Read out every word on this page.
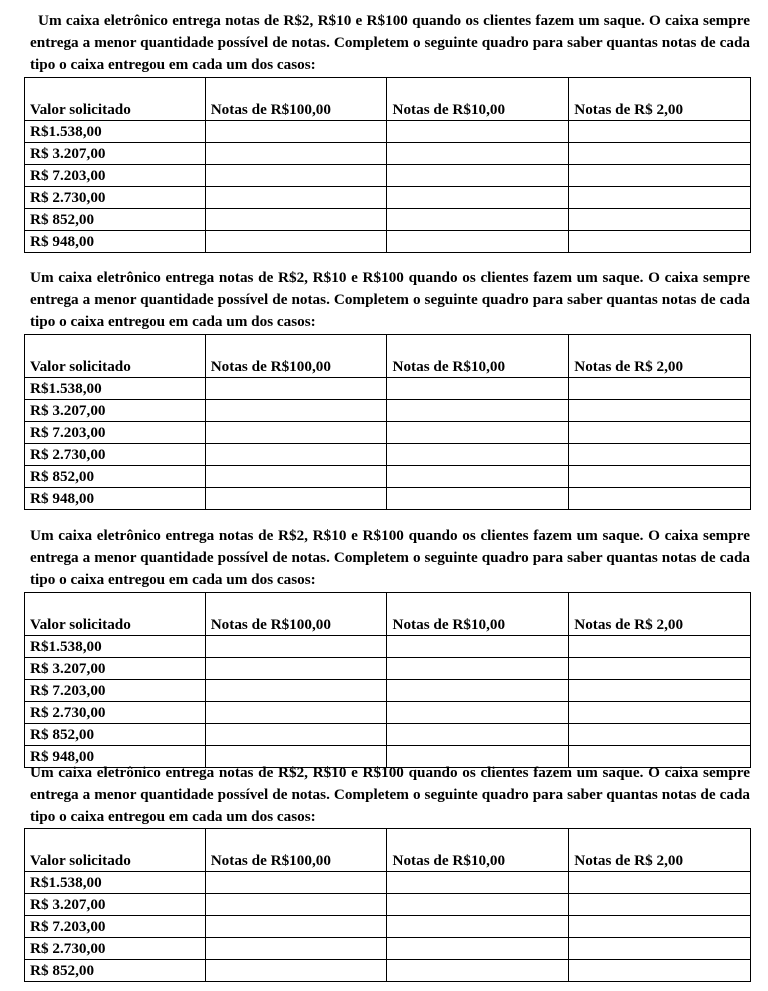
Um caixa eletrônico entrega notas de R$2, R$10 e R$100 quando os clientes fazem um saque. O caixa sempre entrega a menor quantidade possível de notas. Completem o seguinte quadro para saber quantas notas de cada tipo o caixa entregou em cada um dos casos:
Valor solicitado	Notas de R$100,00	Notas de R$10,00	Notas de R$ 2,00
R$1.538,00			
R$ 3.207,00			
R$ 7.203,00			
R$ 2.730,00			
R$ 852,00			
R$ 948,00			
Um caixa eletrônico entrega notas de R$2, R$10 e R$100 quando os clientes fazem um saque. O caixa sempre entrega a menor quantidade possível de notas. Completem o seguinte quadro para saber quantas notas de cada tipo o caixa entregou em cada um dos casos:
Valor solicitado	Notas de R$100,00	Notas de R$10,00	Notas de R$ 2,00
R$1.538,00			
R$ 3.207,00			
R$ 7.203,00			
R$ 2.730,00			
R$ 852,00			
R$ 948,00			
Um caixa eletrônico entrega notas de R$2, R$10 e R$100 quando os clientes fazem um saque. O caixa sempre entrega a menor quantidade possível de notas. Completem o seguinte quadro para saber quantas notas de cada tipo o caixa entregou em cada um dos casos:
Valor solicitado	Notas de R$100,00	Notas de R$10,00	Notas de R$ 2,00
R$1.538,00			
R$ 3.207,00			
R$ 7.203,00			
R$ 2.730,00			
R$ 852,00			
R$ 948,00			
Um caixa eletrônico entrega notas de R$2, R$10 e R$100 quando os clientes fazem um saque. O caixa sempre entrega a menor quantidade possível de notas. Completem o seguinte quadro para saber quantas notas de cada tipo o caixa entregou em cada um dos casos:
Valor solicitado	Notas de R$100,00	Notas de R$10,00	Notas de R$ 2,00
R$1.538,00			
R$ 3.207,00			
R$ 7.203,00			
R$ 2.730,00			
R$ 852,00			
